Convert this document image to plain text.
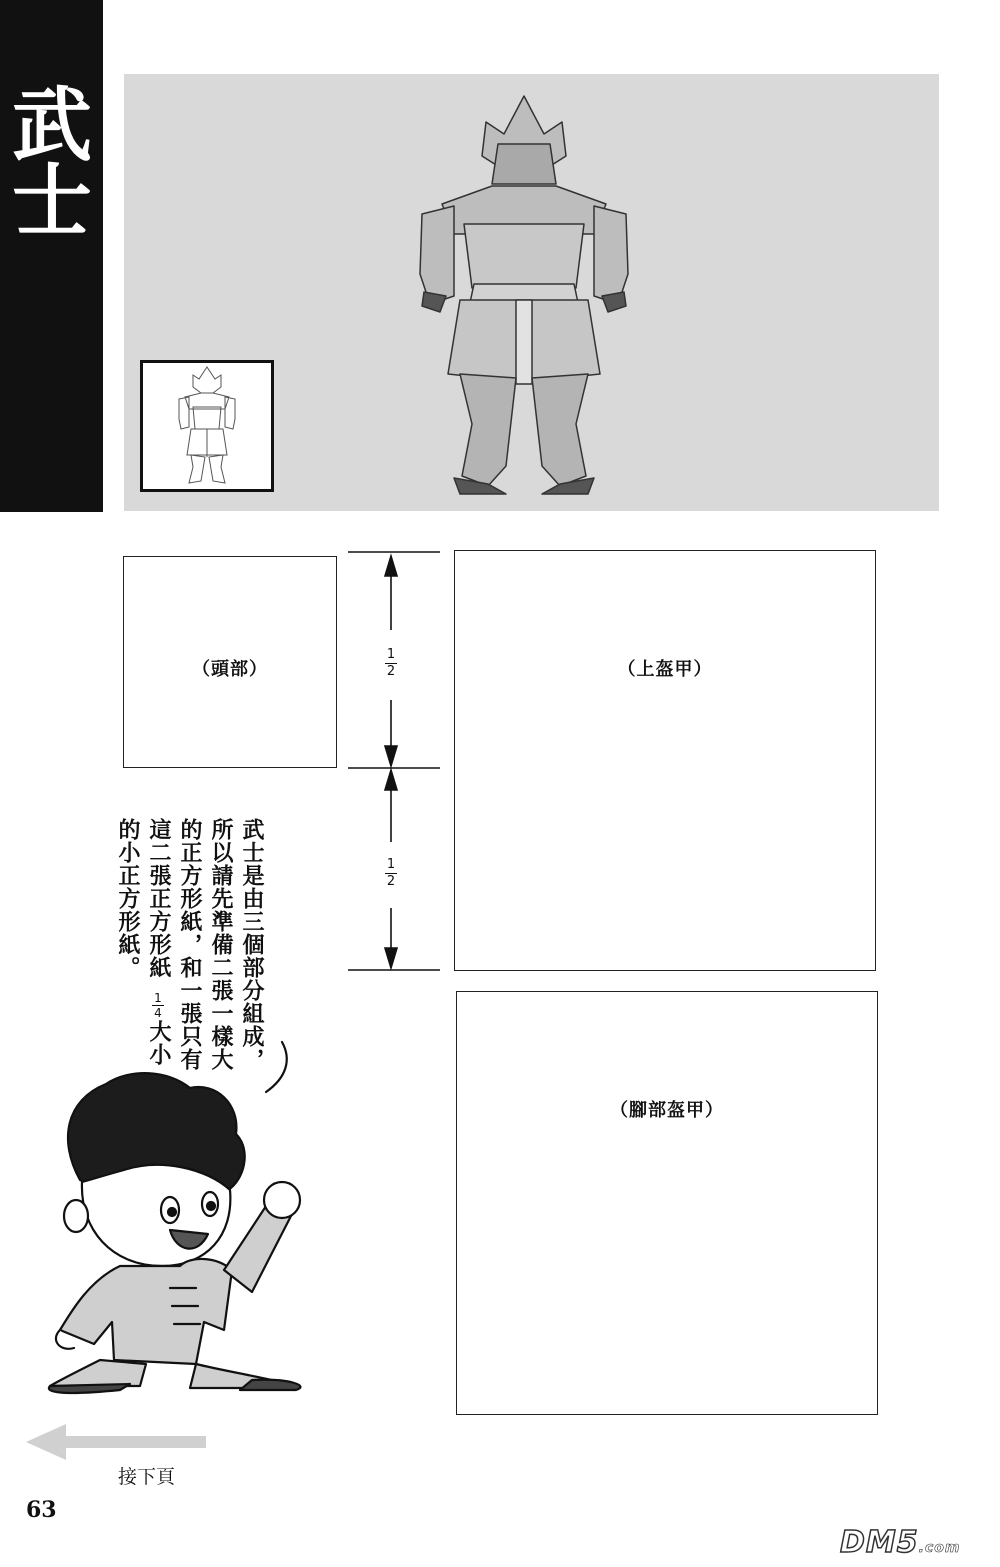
武
士
（頭部）	（上盔甲）
（腳部盔甲）
1
2
1
2
武士是由三個部分組成，
所以請先準備二張一樣大
的正方形紙，和一張只有
這二張正方形紙
1
4
大小
的小正方形紙。
接下頁
63
DM5.com
